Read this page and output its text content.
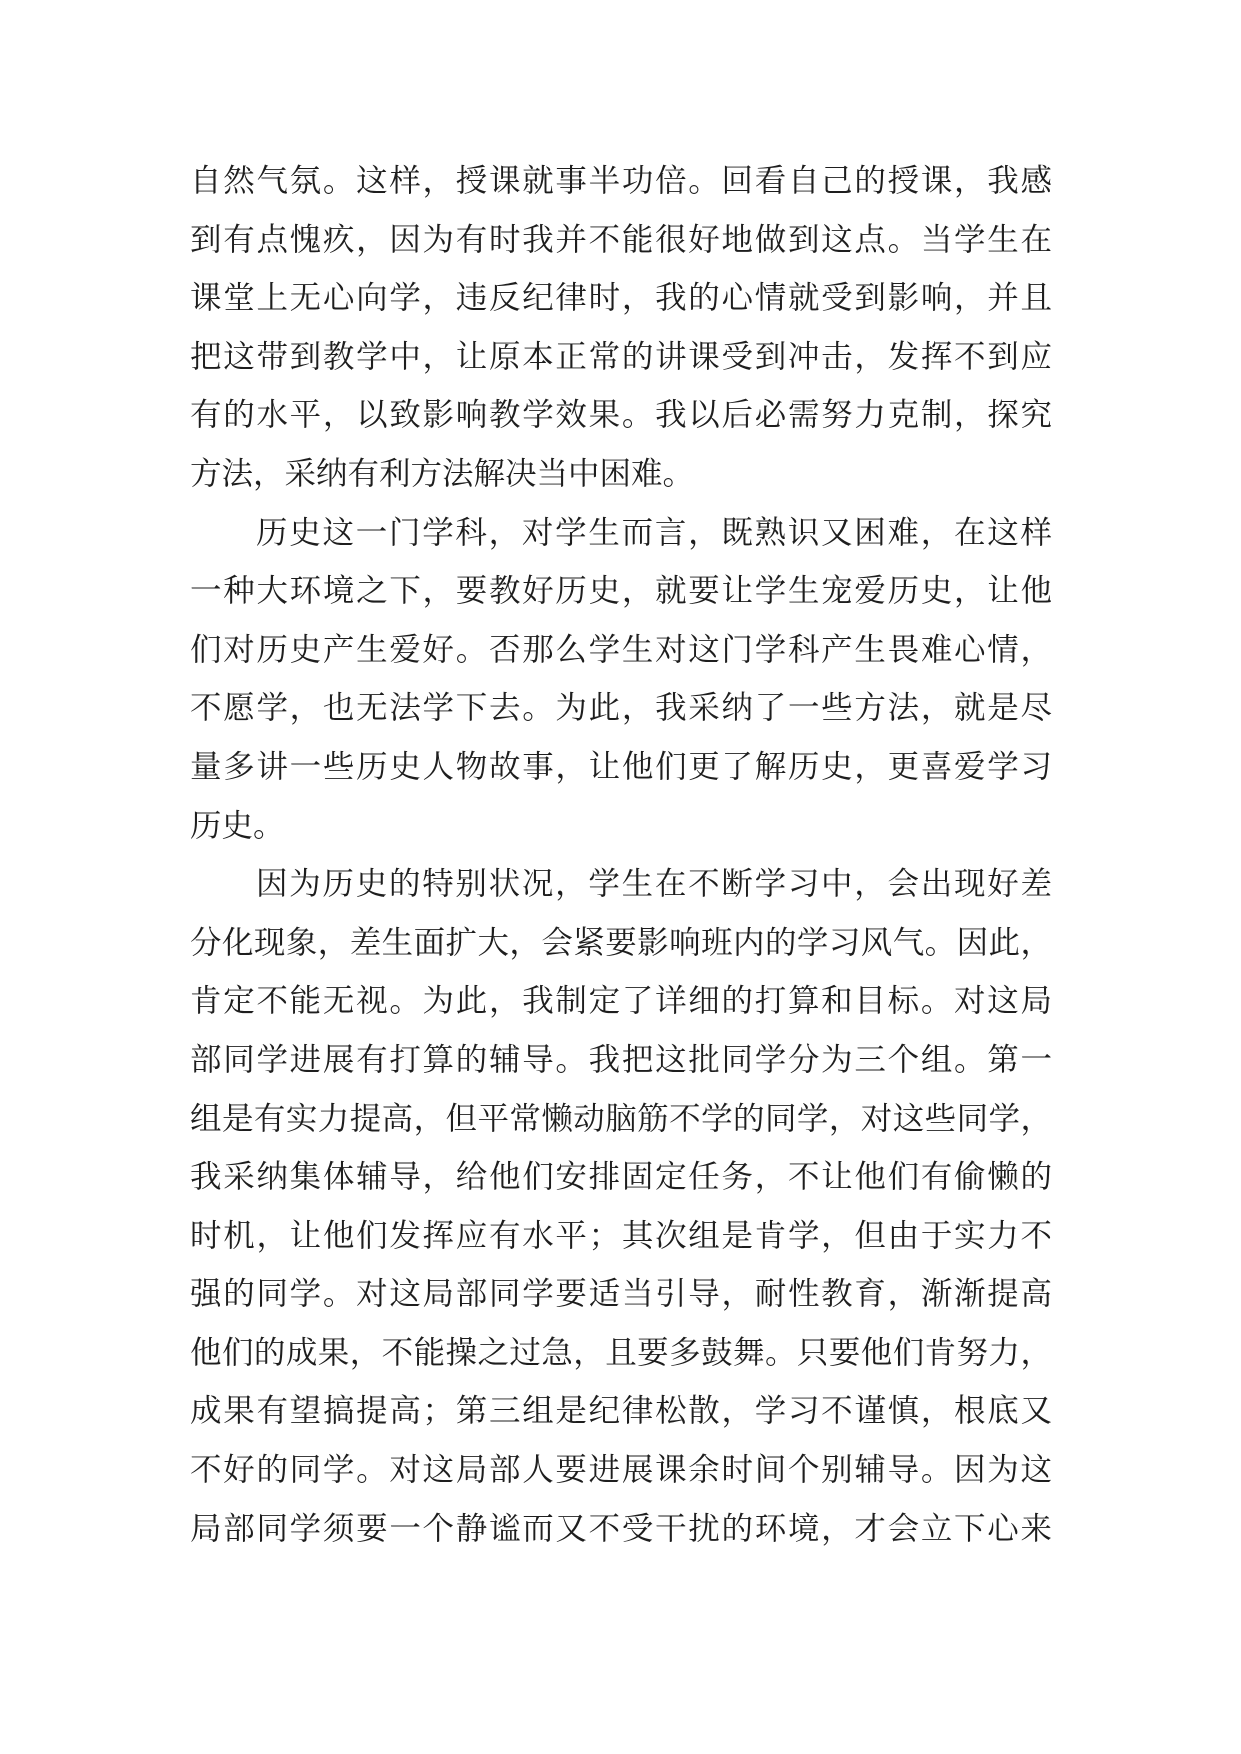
自然气氛。这样，授课就事半功倍。回看自己的授课，我感
到有点愧疚，因为有时我并不能很好地做到这点。当学生在
课堂上无心向学，违反纪律时，我的心情就受到影响，并且
把这带到教学中，让原本正常的讲课受到冲击，发挥不到应
有的水平，以致影响教学效果。我以后必需努力克制，探究
方法，采纳有利方法解决当中困难。
历史这一门学科，对学生而言，既熟识又困难，在这样
一种大环境之下，要教好历史，就要让学生宠爱历史，让他
们对历史产生爱好。否那么学生对这门学科产生畏难心情，
不愿学，也无法学下去。为此，我采纳了一些方法，就是尽
量多讲一些历史人物故事，让他们更了解历史，更喜爱学习
历史。
因为历史的特别状况，学生在不断学习中，会出现好差
分化现象，差生面扩大，会紧要影响班内的学习风气。因此，
肯定不能无视。为此，我制定了详细的打算和目标。对这局
部同学进展有打算的辅导。我把这批同学分为三个组。第一
组是有实力提高，但平常懒动脑筋不学的同学，对这些同学，
我采纳集体辅导，给他们安排固定任务，不让他们有偷懒的
时机，让他们发挥应有水平；其次组是肯学，但由于实力不
强的同学。对这局部同学要适当引导，耐性教育，渐渐提高
他们的成果，不能操之过急，且要多鼓舞。只要他们肯努力，
成果有望搞提高；第三组是纪律松散，学习不谨慎，根底又
不好的同学。对这局部人要进展课余时间个别辅导。因为这
局部同学须要一个静谧而又不受干扰的环境，才会立下心来
